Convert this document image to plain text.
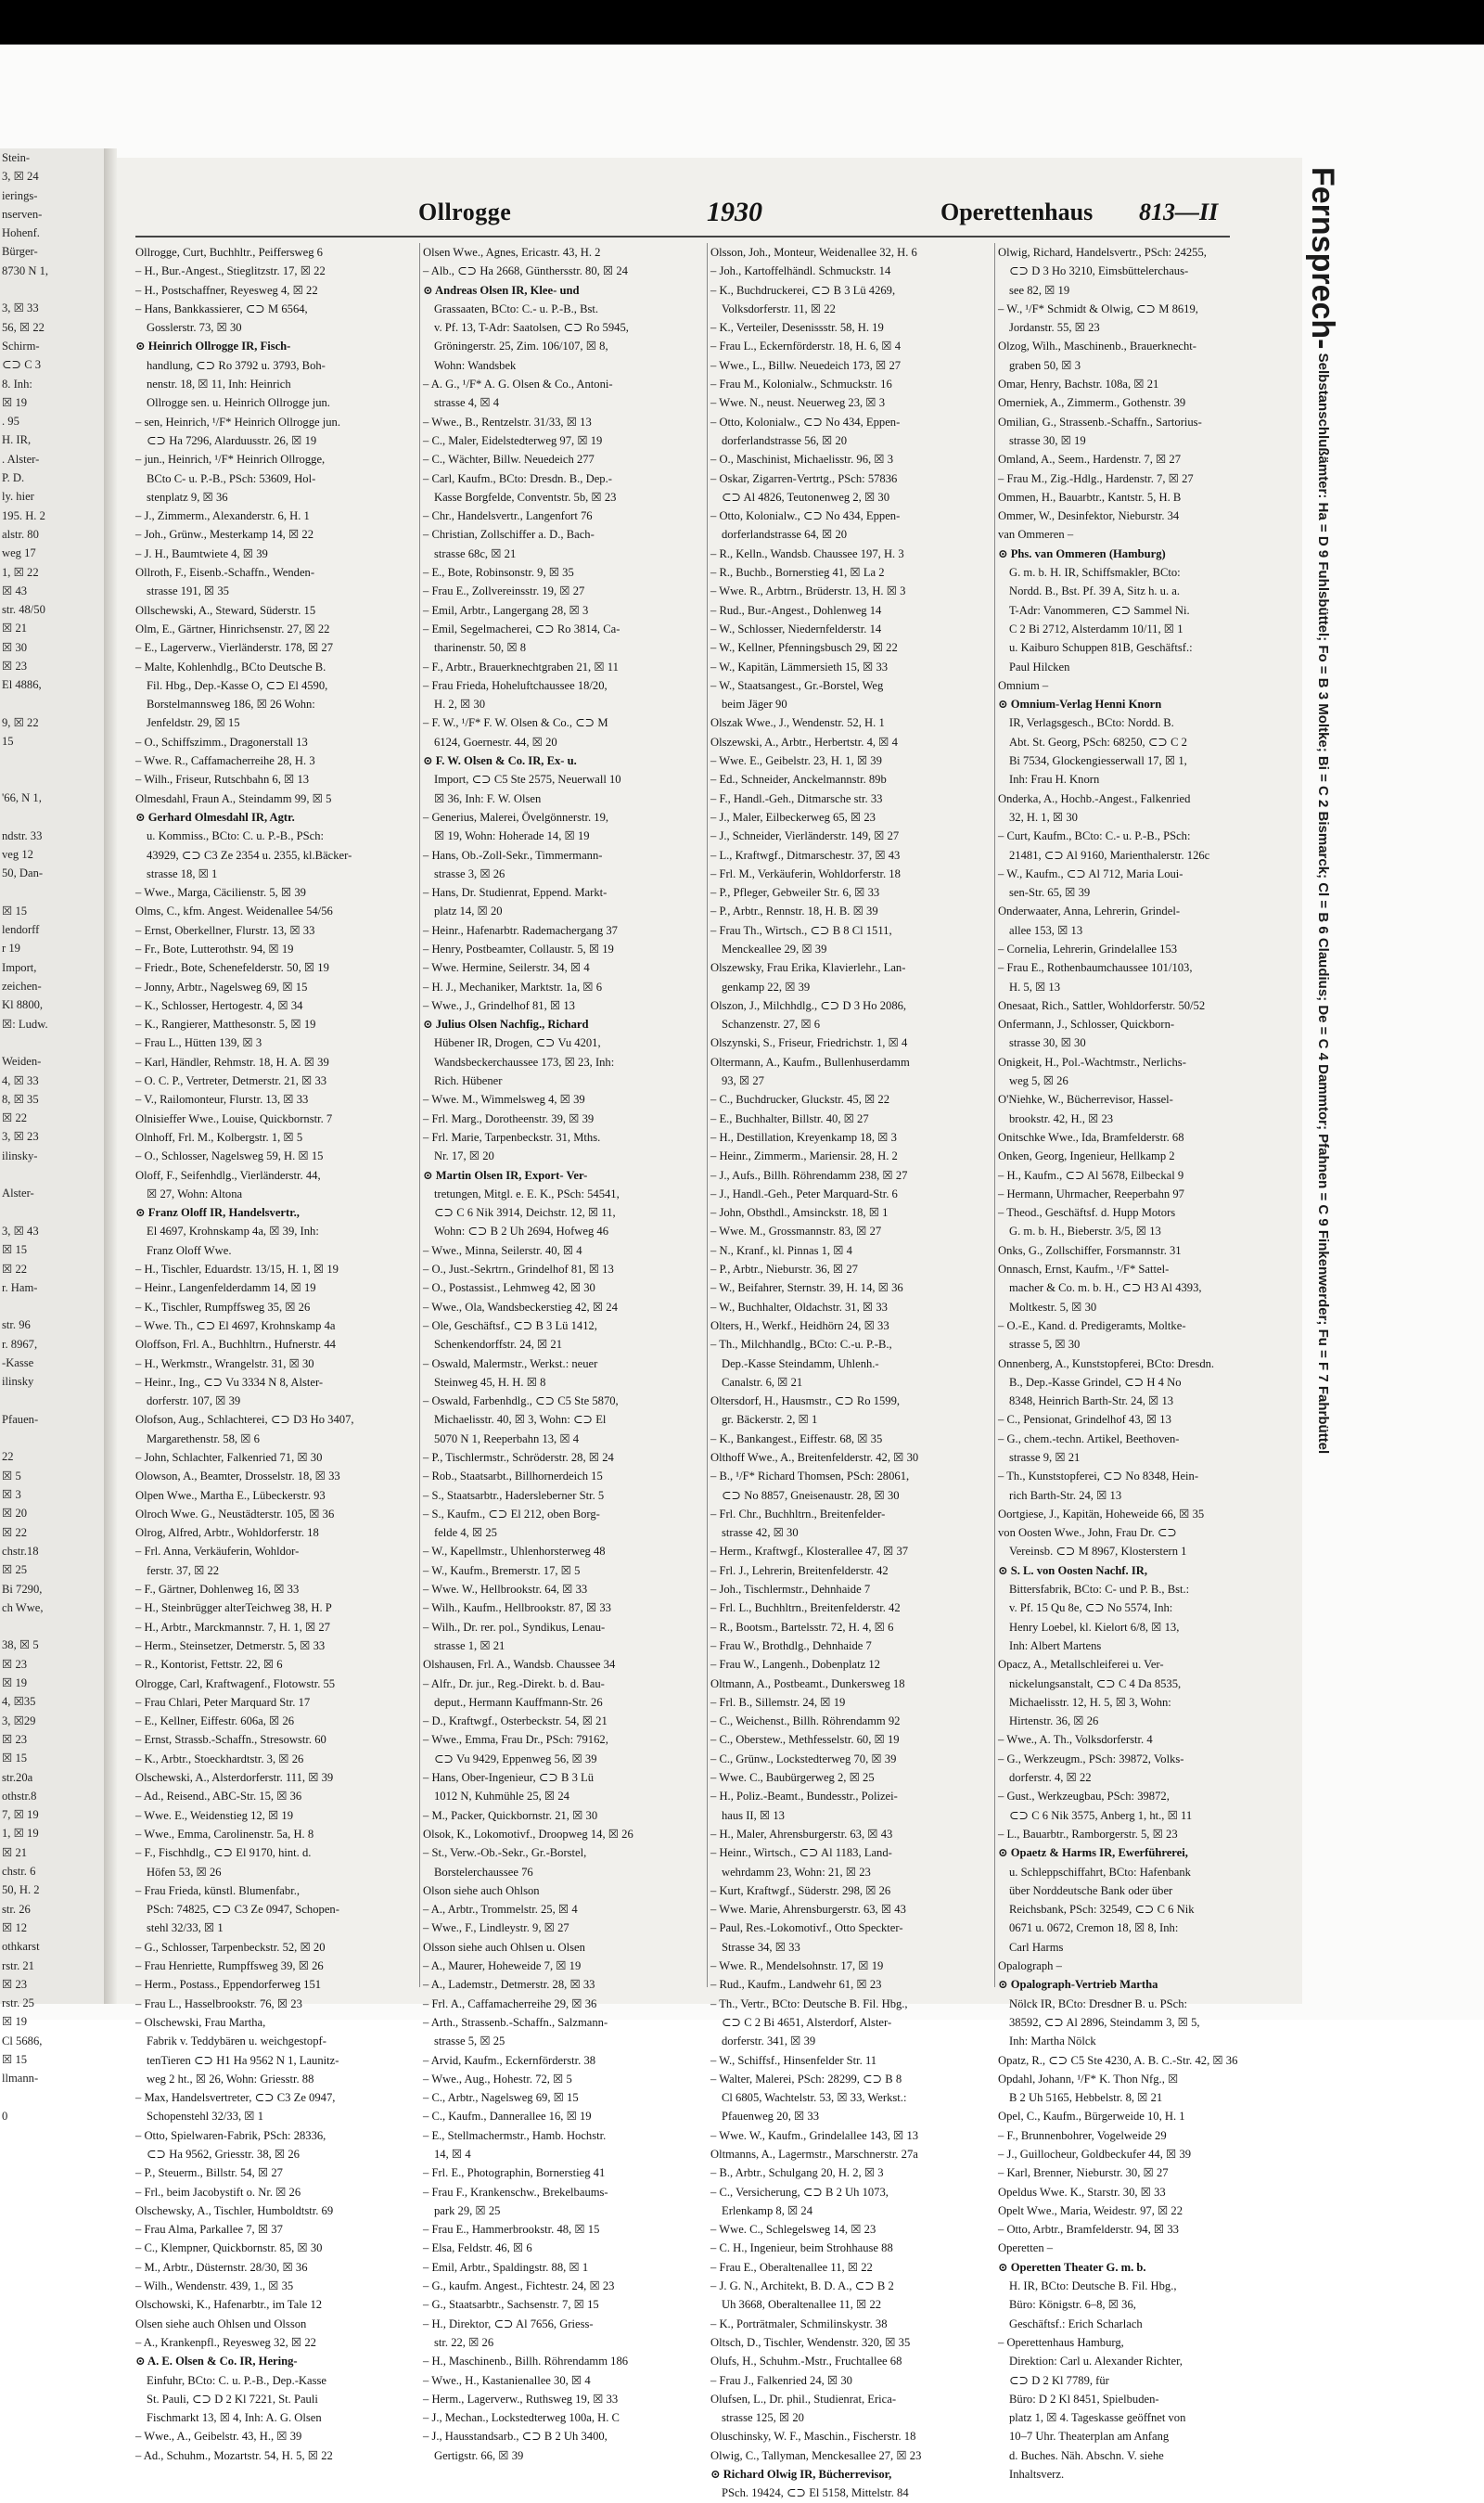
Stein-
3, ☒ 24
ierings-
nserven-
Hohenf.
Bürger-
8730 N 1,

3, ☒ 33
56, ☒ 22
Schirm-
⊂⊃ C 3
8. Inh:
☒ 19
. 95
H. IR,
. Alster-
P. D.
ly. hier
195. H. 2
alstr. 80
weg 17
1, ☒ 22
☒ 43
str. 48/50
☒ 21
☒ 30
☒ 23
El 4886,

9, ☒ 22
15

'66, N 1,

ndstr. 33
veg 12
50, Dan-

☒ 15
lendorff
r 19
Import,
zeichen-
Kl 8800,
☒: Ludw.

Weiden-
4, ☒ 33
8, ☒ 35
☒ 22
3, ☒ 23
ilinsky-

Alster-

3, ☒ 43
☒ 15
☒ 22
r. Ham-

str. 96
r. 8967,
-Kasse
ilinsky

Pfauen-

22
☒ 5
☒ 3
☒ 20
☒ 22
chstr.18
☒ 25
Bi 7290,
ch Wwe,

38, ☒ 5
☒ 23
☒ 19
4, ☒35
3, ☒29
☒ 23
☒ 15
str.20a
othstr.8
7, ☒ 19
1, ☒ 19
☒ 21
chstr. 6
50, H. 2
str. 26
☒ 12
othkarst
rstr. 21
☒ 23
rstr. 25
☒ 19
Cl 5686,
☒ 15
llmann-

0
Ollrogge	1930	Operettenhaus 813—II
Ollrogge, Curt, Buchhltr., Peiffersweg 6
– H., Bur.-Angest., Stieglitzstr. 17, ☒ 22
– H., Postschaffner, Reyesweg 4, ☒ 22
– Hans, Bankkassierer, ⊂⊃ M 6564,
Gosslerstr. 73, ☒ 30
⊙ Heinrich Ollrogge IR, Fisch-
handlung, ⊂⊃ Ro 3792 u. 3793, Boh-
nenstr. 18, ☒ 11, Inh: Heinrich
Ollrogge sen. u. Heinrich Ollrogge jun.
– sen, Heinrich, ¹/F* Heinrich Ollrogge jun.
⊂⊃ Ha 7296, Alarduusstr. 26, ☒ 19
– jun., Heinrich, ¹/F* Heinrich Ollrogge,
BCto C- u. P.-B., PSch: 53609, Hol-
stenplatz 9, ☒ 36
– J., Zimmerm., Alexanderstr. 6, H. 1
– Joh., Grünw., Mesterkamp 14, ☒ 22
– J. H., Baumtwiete 4, ☒ 39
Ollroth, F., Eisenb.-Schaffn., Wenden-
strasse 191, ☒ 35
Ollschewski, A., Steward, Süderstr. 15
Olm, E., Gärtner, Hinrichsenstr. 27, ☒ 22
– E., Lagerverw., Vierländerstr. 178, ☒ 27
– Malte, Kohlenhdlg., BCto Deutsche B.
Fil. Hbg., Dep.-Kasse O, ⊂⊃ El 4590,
Borstelmannsweg 186, ☒ 26 Wohn:
Jenfeldstr. 29, ☒ 15
– O., Schiffszimm., Dragonerstall 13
– Wwe. R., Caffamacherreihe 28, H. 3
– Wilh., Friseur, Rutschbahn 6, ☒ 13
Olmesdahl, Fraun A., Steindamm 99, ☒ 5
⊙ Gerhard Olmesdahl IR, Agtr.
u. Kommiss., BCto: C. u. P.-B., PSch:
43929, ⊂⊃ C3 Ze 2354 u. 2355, kl.Bäcker-
strasse 18, ☒ 1
– Wwe., Marga, Cäcilienstr. 5, ☒ 39
Olms, C., kfm. Angest. Weidenallee 54/56
– Ernst, Oberkellner, Flurstr. 13, ☒ 33
– Fr., Bote, Lutterothstr. 94, ☒ 19
– Friedr., Bote, Schenefelderstr. 50, ☒ 19
– Jonny, Arbtr., Nagelsweg 69, ☒ 15
– K., Schlosser, Hertogestr. 4, ☒ 34
– K., Rangierer, Matthesonstr. 5, ☒ 19
– Frau L., Hütten 139, ☒ 3
– Karl, Händler, Rehmstr. 18, H. A. ☒ 39
– O. C. P., Vertreter, Detmerstr. 21, ☒ 33
– V., Railomonteur, Flurstr. 13, ☒ 33
Olnisieffer Wwe., Louise, Quickbornstr. 7
Olnhoff, Frl. M., Kolbergstr. 1, ☒ 5
– O., Schlosser, Nagelsweg 59, H. ☒ 15
Oloff, F., Seifenhdlg., Vierländerstr. 44,
☒ 27, Wohn: Altona
⊙ Franz Oloff IR, Handelsvertr.,
El 4697, Krohnskamp 4a, ☒ 39, Inh:
Franz Oloff Wwe.
– H., Tischler, Eduardstr. 13/15, H. 1, ☒ 19
– Heinr., Langenfelderdamm 14, ☒ 19
– K., Tischler, Rumpffsweg 35, ☒ 26
– Wwe. Th., ⊂⊃ El 4697, Krohnskamp 4a
Oloffson, Frl. A., Buchhltrn., Hufnerstr. 44
– H., Werkmstr., Wrangelstr. 31, ☒ 30
– Heinr., Ing., ⊂⊃ Vu 3334 N 8, Alster-
dorferstr. 107, ☒ 39
Olofson, Aug., Schlachterei, ⊂⊃ D3 Ho 3407,
Margarethenstr. 58, ☒ 6
– John, Schlachter, Falkenried 71, ☒ 30
Olowson, A., Beamter, Drosselstr. 18, ☒ 33
Olpen Wwe., Martha E., Lübeckerstr. 93
Olroch Wwe. G., Neustädterstr. 105, ☒ 36
Olrog, Alfred, Arbtr., Wohldorferstr. 18
– Frl. Anna, Verkäuferin, Wohldor-
ferstr. 37, ☒ 22
– F., Gärtner, Dohlenweg 16, ☒ 33
– H., Steinbrügger alterTeichweg 38, H. P
– H., Arbtr., Marckmannstr. 7, H. 1, ☒ 27
– Herm., Steinsetzer, Detmerstr. 5, ☒ 33
– R., Kontorist, Fettstr. 22, ☒ 6
Olrogge, Carl, Kraftwagenf., Flotowstr. 55
– Frau Chlari, Peter Marquard Str. 17
– E., Kellner, Eiffestr. 606a, ☒ 26
– Ernst, Strassb.-Schaffn., Stresowstr. 60
– K., Arbtr., Stoeckhardtstr. 3, ☒ 26
Olschewski, A., Alsterdorferstr. 111, ☒ 39
– Ad., Reisend., ABC-Str. 15, ☒ 36
– Wwe. E., Weidenstieg 12, ☒ 19
– Wwe., Emma, Carolinenstr. 5a, H. 8
– F., Fischhdlg., ⊂⊃ El 9170, hint. d.
Höfen 53, ☒ 26
– Frau Frieda, künstl. Blumenfabr.,
PSch: 74825, ⊂⊃ C3 Ze 0947, Schopen-
stehl 32/33, ☒ 1
– G., Schlosser, Tarpenbeckstr. 52, ☒ 20
– Frau Henriette, Rumpffsweg 39, ☒ 26
– Herm., Postass., Eppendorferweg 151
– Frau L., Hasselbrookstr. 76, ☒ 23
– Olschewski, Frau Martha,
Fabrik v. Teddybären u. weichgestopf-
tenTieren ⊂⊃ H1 Ha 9562 N 1, Launitz-
weg 2 ht., ☒ 26, Wohn: Griesstr. 88
– Max, Handelsvertreter, ⊂⊃ C3 Ze 0947,
Schopenstehl 32/33, ☒ 1
– Otto, Spielwaren-Fabrik, PSch: 28336,
⊂⊃ Ha 9562, Griesstr. 38, ☒ 26
– P., Steuerm., Billstr. 54, ☒ 27
– Frl., beim Jacobystift o. Nr. ☒ 26
Olschewsky, A., Tischler, Humboldtstr. 69
– Frau Alma, Parkallee 7, ☒ 37
– C., Klempner, Quickbornstr. 85, ☒ 30
– M., Arbtr., Düsternstr. 28/30, ☒ 36
– Wilh., Wendenstr. 439, 1., ☒ 35
Olschowski, K., Hafenarbtr., im Tale 12
Olsen siehe auch Ohlsen und Olsson
– A., Krankenpfl., Reyesweg 32, ☒ 22
⊙ A. E. Olsen & Co. IR, Hering-
Einfuhr, BCto: C. u. P.-B., Dep.-Kasse
St. Pauli, ⊂⊃ D 2 Kl 7221, St. Pauli
Fischmarkt 13, ☒ 4, Inh: A. G. Olsen
– Wwe., A., Geibelstr. 43, H., ☒ 39
– Ad., Schuhm., Mozartstr. 54, H. 5, ☒ 22
Olsen Wwe., Agnes, Ericastr. 43, H. 2
– Alb., ⊂⊃ Ha 2668, Günthersstr. 80, ☒ 24
⊙ Andreas Olsen IR, Klee- und
Grassaaten, BCto: C.- u. P.-B., Bst.
v. Pf. 13, T-Adr: Saatolsen, ⊂⊃ Ro 5945,
Gröningerstr. 25, Zim. 106/107, ☒ 8,
Wohn: Wandsbek
– A. G., ¹/F* A. G. Olsen & Co., Antoni-
strasse 4, ☒ 4
– Wwe., B., Rentzelstr. 31/33, ☒ 13
– C., Maler, Eidelstedterweg 97, ☒ 19
– C., Wächter, Billw. Neuedeich 277
– Carl, Kaufm., BCto: Dresdn. B., Dep.-
Kasse Borgfelde, Conventstr. 5b, ☒ 23
– Chr., Handelsvertr., Langenfort 76
– Christian, Zollschiffer a. D., Bach-
strasse 68c, ☒ 21
– E., Bote, Robinsonstr. 9, ☒ 35
– Frau E., Zollvereinsstr. 19, ☒ 27
– Emil, Arbtr., Langergang 28, ☒ 3
– Emil, Segelmacherei, ⊂⊃ Ro 3814, Ca-
tharinenstr. 50, ☒ 8
– F., Arbtr., Brauerknechtgraben 21, ☒ 11
– Frau Frieda, Hoheluftchaussee 18/20,
H. 2, ☒ 30
– F. W., ¹/F* F. W. Olsen & Co., ⊂⊃ M
6124, Goernestr. 44, ☒ 20
⊙ F. W. Olsen & Co. IR, Ex- u.
Import, ⊂⊃ C5 Ste 2575, Neuerwall 10
☒ 36, Inh: F. W. Olsen
– Generius, Malerei, Övelgönnerstr. 19,
☒ 19, Wohn: Hoherade 14, ☒ 19
– Hans, Ob.-Zoll-Sekr., Timmermann-
strasse 3, ☒ 26
– Hans, Dr. Studienrat, Eppend. Markt-
platz 14, ☒ 20
– Heinr., Hafenarbtr. Rademachergang 37
– Henry, Postbeamter, Collaustr. 5, ☒ 19
– Wwe. Hermine, Seilerstr. 34, ☒ 4
– H. J., Mechaniker, Marktstr. 1a, ☒ 6
– Wwe., J., Grindelhof 81, ☒ 13
⊙ Julius Olsen Nachfig., Richard
Hübener IR, Drogen, ⊂⊃ Vu 4201,
Wandsbeckerchaussee 173, ☒ 23, Inh:
Rich. Hübener
– Wwe. M., Wimmelsweg 4, ☒ 39
– Frl. Marg., Dorotheenstr. 39, ☒ 39
– Frl. Marie, Tarpenbeckstr. 31, Mths.
Nr. 17, ☒ 20
⊙ Martin Olsen IR, Export- Ver-
tretungen, Mitgl. e. E. K., PSch: 54541,
⊂⊃ C 6 Nik 3914, Deichstr. 12, ☒ 11,
Wohn: ⊂⊃ B 2 Uh 2694, Hofweg 46
– Wwe., Minna, Seilerstr. 40, ☒ 4
– O., Just.-Sekrtrn., Grindelhof 81, ☒ 13
– O., Postassist., Lehmweg 42, ☒ 30
– Wwe., Ola, Wandsbeckerstieg 42, ☒ 24
– Ole, Geschäftsf., ⊂⊃ B 3 Lü 1412,
Schenkendorffstr. 24, ☒ 21
– Oswald, Malermstr., Werkst.: neuer
Steinweg 45, H. H. ☒ 8
– Oswald, Farbenhdlg., ⊂⊃ C5 Ste 5870,
Michaelisstr. 40, ☒ 3, Wohn: ⊂⊃ El
5070 N 1, Reeperbahn 13, ☒ 4
– P., Tischlermstr., Schröderstr. 28, ☒ 24
– Rob., Staatsarbt., Billhornerdeich 15
– S., Staatsarbtr., Hadersleberner Str. 5
– S., Kaufm., ⊂⊃ El 212, oben Borg-
felde 4, ☒ 25
– W., Kapellmstr., Uhlenhorsterweg 48
– W., Kaufm., Bremerstr. 17, ☒ 5
– Wwe. W., Hellbrookstr. 64, ☒ 33
– Wilh., Kaufm., Hellbrookstr. 87, ☒ 33
– Wilh., Dr. rer. pol., Syndikus, Lenau-
strasse 1, ☒ 21
Olshausen, Frl. A., Wandsb. Chaussee 34
– Alfr., Dr. jur., Reg.-Direkt. b. d. Bau-
deput., Hermann Kauffmann-Str. 26
– D., Kraftwgf., Osterbeckstr. 54, ☒ 21
– Wwe., Emma, Frau Dr., PSch: 79162,
⊂⊃ Vu 9429, Eppenweg 56, ☒ 39
– Hans, Ober-Ingenieur, ⊂⊃ B 3 Lü
1012 N, Kuhmühle 25, ☒ 24
– M., Packer, Quickbornstr. 21, ☒ 30
Olsok, K., Lokomotivf., Droopweg 14, ☒ 26
– St., Verw.-Ob.-Sekr., Gr.-Borstel,
Borstelerchaussee 76
Olson siehe auch Ohlson
– A., Arbtr., Trommelstr. 25, ☒ 4
– Wwe., F., Lindleystr. 9, ☒ 27
Olsson siehe auch Ohlsen u. Olsen
– A., Maurer, Hoheweide 7, ☒ 19
– A., Lademstr., Detmerstr. 28, ☒ 33
– Frl. A., Caffamacherreihe 29, ☒ 36
– Arth., Strassenb.-Schaffn., Salzmann-
strasse 5, ☒ 25
– Arvid, Kaufm., Eckernförderstr. 38
– Wwe., Aug., Hohestr. 72, ☒ 5
– C., Arbtr., Nagelsweg 69, ☒ 15
– C., Kaufm., Dannerallee 16, ☒ 19
– E., Stellmachermstr., Hamb. Hochstr.
14, ☒ 4
– Frl. E., Photographin, Bornerstieg 41
– Frau F., Krankenschw., Brekelbaums-
park 29, ☒ 25
– Frau E., Hammerbrookstr. 48, ☒ 15
– Elsa, Feldstr. 46, ☒ 6
– Emil, Arbtr., Spaldingstr. 88, ☒ 1
– G., kaufm. Angest., Fichtestr. 24, ☒ 23
– G., Staatsarbtr., Sachsenstr. 7, ☒ 15
– H., Direktor, ⊂⊃ Al 7656, Griess-
str. 22, ☒ 26
– H., Maschinenb., Billh. Röhrendamm 186
– Wwe., H., Kastanienallee 30, ☒ 4
– Herm., Lagerverw., Ruthsweg 19, ☒ 33
– J., Mechan., Lockstedterweg 100a, H. C
– J., Hausstandsarb., ⊂⊃ B 2 Uh 3400,
Gertigstr. 66, ☒ 39
Olsson, Joh., Monteur, Weidenallee 32, H. 6
– Joh., Kartoffelhändl. Schmuckstr. 14
– K., Buchdruckerei, ⊂⊃ B 3 Lü 4269,
Volksdorferstr. 11, ☒ 22
– K., Verteiler, Desenissstr. 58, H. 19
– Frau L., Eckernförderstr. 18, H. 6, ☒ 4
– Wwe., L., Billw. Neuedeich 173, ☒ 27
– Frau M., Kolonialw., Schmuckstr. 16
– Wwe. N., neust. Neuerweg 23, ☒ 3
– Otto, Kolonialw., ⊂⊃ No 434, Eppen-
dorferlandstrasse 56, ☒ 20
– O., Maschinist, Michaelisstr. 96, ☒ 3
– Oskar, Zigarren-Vertrtg., PSch: 57836
⊂⊃ Al 4826, Teutonenweg 2, ☒ 30
– Otto, Kolonialw., ⊂⊃ No 434, Eppen-
dorferlandstrasse 64, ☒ 20
– R., Kelln., Wandsb. Chaussee 197, H. 3
– R., Buchb., Bornerstieg 41, ☒ La 2
– Wwe. R., Arbtrn., Brüderstr. 13, H. ☒ 3
– Rud., Bur.-Angest., Dohlenweg 14
– W., Schlosser, Niedernfelderstr. 14
– W., Kellner, Pfenningsbusch 29, ☒ 22
– W., Kapitän, Lämmersieth 15, ☒ 33
– W., Staatsangest., Gr.-Borstel, Weg
beim Jäger 90
Olszak Wwe., J., Wendenstr. 52, H. 1
Olszewski, A., Arbtr., Herbertstr. 4, ☒ 4
– Wwe. E., Geibelstr. 23, H. 1, ☒ 39
– Ed., Schneider, Anckelmannstr. 89b
– F., Handl.-Geh., Ditmarsche str. 33
– J., Maler, Eilbeckerweg 65, ☒ 23
– J., Schneider, Vierländerstr. 149, ☒ 27
– L., Kraftwgf., Ditmarschestr. 37, ☒ 43
– Frl. M., Verkäuferin, Wohldorferstr. 18
– P., Pfleger, Gebweiler Str. 6, ☒ 33
– P., Arbtr., Rennstr. 18, H. B. ☒ 39
– Frau Th., Wirtsch., ⊂⊃ B 8 Cl 1511,
Menckeallee 29, ☒ 39
Olszewsky, Frau Erika, Klavierlehr., Lan-
genkamp 22, ☒ 39
Olszon, J., Milchhdlg., ⊂⊃ D 3 Ho 2086,
Schanzenstr. 27, ☒ 6
Olszynski, S., Friseur, Friedrichstr. 1, ☒ 4
Oltermann, A., Kaufm., Bullenhuserdamm
93, ☒ 27
– C., Buchdrucker, Gluckstr. 45, ☒ 22
– E., Buchhalter, Billstr. 40, ☒ 27
– H., Destillation, Kreyenkamp 18, ☒ 3
– Heinr., Zimmerm., Mariensir. 28, H. 2
– J., Aufs., Billh. Röhrendamm 238, ☒ 27
– J., Handl.-Geh., Peter Marquard-Str. 6
– John, Obsthdl., Amsinckstr. 18, ☒ 1
– Wwe. M., Grossmannstr. 83, ☒ 27
– N., Kranf., kl. Pinnas 1, ☒ 4
– P., Arbtr., Nieburstr. 36, ☒ 27
– W., Beifahrer, Sternstr. 39, H. 14, ☒ 36
– W., Buchhalter, Oldachstr. 31, ☒ 33
Olters, H., Werkf., Heidhörn 24, ☒ 33
– Th., Milchhandlg., BCto: C.-u. P.-B.,
Dep.-Kasse Steindamm, Uhlenh.-
Canalstr. 6, ☒ 21
Oltersdorf, H., Hausmstr., ⊂⊃ Ro 1599,
gr. Bäckerstr. 2, ☒ 1
– K., Bankangest., Eiffestr. 68, ☒ 35
Olthoff Wwe., A., Breitenfelderstr. 42, ☒ 30
– B., ¹/F* Richard Thomsen, PSch: 28061,
⊂⊃ No 8857, Gneisenaustr. 28, ☒ 30
– Frl. Chr., Buchhltrn., Breitenfelder-
strasse 42, ☒ 30
– Herm., Kraftwgf., Klosterallee 47, ☒ 37
– Frl. J., Lehrerin, Breitenfelderstr. 42
– Joh., Tischlermstr., Dehnhaide 7
– Frl. L., Buchhltrn., Breitenfelderstr. 42
– R., Bootsm., Bartelsstr. 72, H. 4, ☒ 6
– Frau W., Brothdlg., Dehnhaide 7
– Frau W., Langenh., Dobenplatz 12
Oltmann, A., Postbeamt., Dunkersweg 18
– Frl. B., Sillemstr. 24, ☒ 19
– C., Weichenst., Billh. Röhrendamm 92
– C., Oberstew., Methfesselstr. 60, ☒ 19
– C., Grünw., Lockstedterweg 70, ☒ 39
– Wwe. C., Baubürgerweg 2, ☒ 25
– H., Poliz.-Beamt., Bundesstr., Polizei-
haus II, ☒ 13
– H., Maler, Ahrensburgerstr. 63, ☒ 43
– Heinr., Wirtsch., ⊂⊃ Al 1183, Land-
wehrdamm 23, Wohn: 21, ☒ 23
– Kurt, Kraftwgf., Süderstr. 298, ☒ 26
– Wwe. Marie, Ahrensburgerstr. 63, ☒ 43
– Paul, Res.-Lokomotivf., Otto Speckter-
Strasse 34, ☒ 33
– Wwe. R., Mendelsohnstr. 17, ☒ 19
– Rud., Kaufm., Landwehr 61, ☒ 23
– Th., Vertr., BCto: Deutsche B. Fil. Hbg.,
⊂⊃ C 2 Bi 4651, Alsterdorf, Alster-
dorferstr. 341, ☒ 39
– W., Schiffsf., Hinsenfelder Str. 11
– Walter, Malerei, PSch: 28299, ⊂⊃ B 8
Cl 6805, Wachtelstr. 53, ☒ 33, Werkst.:
Pfauenweg 20, ☒ 33
– Wwe. W., Kaufm., Grindelallee 143, ☒ 13
Oltmanns, A., Lagermstr., Marschnerstr. 27a
– B., Arbtr., Schulgang 20, H. 2, ☒ 3
– C., Versicherung, ⊂⊃ B 2 Uh 1073,
Erlenkamp 8, ☒ 24
– Wwe. C., Schlegelsweg 14, ☒ 23
– C. H., Ingenieur, beim Strohhause 88
– Frau E., Oberaltenallee 11, ☒ 22
– J. G. N., Architekt, B. D. A., ⊂⊃ B 2
Uh 3668, Oberaltenallee 11, ☒ 22
– K., Porträtmaler, Schmilinskystr. 38
Oltsch, D., Tischler, Wendenstr. 320, ☒ 35
Olufs, H., Schuhm.-Mstr., Fruchtallee 68
– Frau J., Falkenried 24, ☒ 30
Olufsen, L., Dr. phil., Studienrat, Erica-
strasse 125, ☒ 20
Oluschinsky, W. F., Maschin., Fischerstr. 18
Olwig, C., Tallyman, Menckesallee 27, ☒ 23
⊙ Richard Olwig IR, Bücherrevisor,
PSch. 19424, ⊂⊃ El 5158, Mittelstr. 84
Olwig, Richard, Handelsvertr., PSch: 24255,
⊂⊃ D 3 Ho 3210, Eimsbüttelerchaus-
see 82, ☒ 19
– W., ¹/F* Schmidt & Olwig, ⊂⊃ M 8619,
Jordanstr. 55, ☒ 23
Olzog, Wilh., Maschinenb., Brauerknecht-
graben 50, ☒ 3
Omar, Henry, Bachstr. 108a, ☒ 21
Omerniek, A., Zimmerm., Gothenstr. 39
Omilian, G., Strassenb.-Schaffn., Sartorius-
strasse 30, ☒ 19
Omland, A., Seem., Hardenstr. 7, ☒ 27
– Frau M., Zig.-Hdlg., Hardenstr. 7, ☒ 27
Ommen, H., Bauarbtr., Kantstr. 5, H. B
Ommer, W., Desinfektor, Nieburstr. 34
van Ommeren –
⊙ Phs. van Ommeren (Hamburg)
G. m. b. H. IR, Schiffsmakler, BCto:
Nordd. B., Bst. Pf. 39 A, Sitz h. u. a.
T-Adr: Vanommeren, ⊂⊃ Sammel Ni.
C 2 Bi 2712, Alsterdamm 10/11, ☒ 1
u. Kaiburo Schuppen 81B, Geschäftsf.:
Paul Hilcken
Omnium –
⊙ Omnium-Verlag Henni Knorn
IR, Verlagsgesch., BCto: Nordd. B.
Abt. St. Georg, PSch: 68250, ⊂⊃ C 2
Bi 7534, Glockengiesserwall 17, ☒ 1,
Inh: Frau H. Knorn
Onderka, A., Hochb.-Angest., Falkenried
32, H. 1, ☒ 30
– Curt, Kaufm., BCto: C.- u. P.-B., PSch:
21481, ⊂⊃ Al 9160, Marienthalerstr. 126c
– W., Kaufm., ⊂⊃ Al 712, Maria Loui-
sen-Str. 65, ☒ 39
Onderwaater, Anna, Lehrerin, Grindel-
allee 153, ☒ 13
– Cornelia, Lehrerin, Grindelallee 153
– Frau E., Rothenbaumchaussee 101/103,
H. 5, ☒ 13
Onesaat, Rich., Sattler, Wohldorferstr. 50/52
Onfermann, J., Schlosser, Quickborn-
strasse 30, ☒ 30
Onigkeit, H., Pol.-Wachtmstr., Nerlichs-
weg 5, ☒ 26
O'Niehke, W., Bücherrevisor, Hassel-
brookstr. 42, H., ☒ 23
Onitschke Wwe., Ida, Bramfelderstr. 68
Onken, Georg, Ingenieur, Hellkamp 2
– H., Kaufm., ⊂⊃ Al 5678, Eilbeckal 9
– Hermann, Uhrmacher, Reeperbahn 97
– Theod., Geschäftsf. d. Hupp Motors
G. m. b. H., Bieberstr. 3/5, ☒ 13
Onks, G., Zollschiffer, Forsmannstr. 31
Onnasch, Ernst, Kaufm., ¹/F* Sattel-
macher & Co. m. b. H., ⊂⊃ H3 Al 4393,
Moltkestr. 5, ☒ 30
– O.-E., Kand. d. Predigeramts, Moltke-
strasse 5, ☒ 30
Onnenberg, A., Kunststopferei, BCto: Dresdn.
B., Dep.-Kasse Grindel, ⊂⊃ H 4 No
8348, Heinrich Barth-Str. 24, ☒ 13
– C., Pensionat, Grindelhof 43, ☒ 13
– G., chem.-techn. Artikel, Beethoven-
strasse 9, ☒ 21
– Th., Kunststopferei, ⊂⊃ No 8348, Hein-
rich Barth-Str. 24, ☒ 13
Oortgiese, J., Kapitän, Hoheweide 66, ☒ 35
von Oosten Wwe., John, Frau Dr. ⊂⊃
Vereinsb. ⊂⊃ M 8967, Klosterstern 1
⊙ S. L. von Oosten Nachf. IR,
Bittersfabrik, BCto: C- und P. B., Bst.:
v. Pf. 15 Qu 8e, ⊂⊃ No 5574, Inh:
Henry Loebel, kl. Kielort 6/8, ☒ 13,
Inh: Albert Martens
Opacz, A., Metallschleiferei u. Ver-
nickelungsanstalt, ⊂⊃ C 4 Da 8535,
Michaelisstr. 12, H. 5, ☒ 3, Wohn:
Hirtenstr. 36, ☒ 26
– Wwe., A. Th., Volksdorferstr. 4
– G., Werkzeugm., PSch: 39872, Volks-
dorferstr. 4, ☒ 22
– Gust., Werkzeugbau, PSch: 39872,
⊂⊃ C 6 Nik 3575, Anberg 1, ht., ☒ 11
– L., Bauarbtr., Ramborgerstr. 5, ☒ 23
⊙ Opaetz & Harms IR, Ewerführerei,
u. Schleppschiffahrt, BCto: Hafenbank
über Norddeutsche Bank oder über
Reichsbank, PSch: 32549, ⊂⊃ C 6 Nik
0671 u. 0672, Cremon 18, ☒ 8, Inh:
Carl Harms
Opalograph –
⊙ Opalograph-Vertrieb Martha
Nölck IR, BCto: Dresdner B. u. PSch:
38592, ⊂⊃ Al 2896, Steindamm 3, ☒ 5,
Inh: Martha Nölck
Opatz, R., ⊂⊃ C5 Ste 4230, A. B. C.-Str. 42, ☒ 36
Opdahl, Johann, ¹/F* K. Thon Nfg., ☒
B 2 Uh 5165, Hebbelstr. 8, ☒ 21
Opel, C., Kaufm., Bürgerweide 10, H. 1
– F., Brunnenbohrer, Vogelweide 29
– J., Guillocheur, Goldbeckufer 44, ☒ 39
– Karl, Brenner, Nieburstr. 30, ☒ 27
Opeldus Wwe. K., Starstr. 30, ☒ 33
Opelt Wwe., Maria, Weidestr. 97, ☒ 22
– Otto, Arbtr., Bramfelderstr. 94, ☒ 33
Operetten –
⊙ Operetten Theater G. m. b.
H. IR, BCto: Deutsche B. Fil. Hbg.,
Büro: Königstr. 6–8, ☒ 36,
Geschäftsf.: Erich Scharlach
– Operettenhaus Hamburg,
Direktion: Carl u. Alexander Richter,
⊂⊃ D 2 Kl 7789, für
Büro: D 2 Kl 8451, Spielbuden-
platz 1, ☒ 4. Tageskasse geöffnet von
10–7 Uhr. Theaterplan am Anfang
d. Buches. Näh. Abschn. V. siehe
Inhaltsverz.
Fernsprech- Selbstanschlußämter: Ha = D 9 Fuhlsbüttel; Fo = B 3 Moltke; Bi = C 2 Bismarck; Cl = B 6 Claudius; De = C 4 Dammtor; Pfahnen = C 9 Finkenwerder; Fu = F 7 Fahrbüttel
